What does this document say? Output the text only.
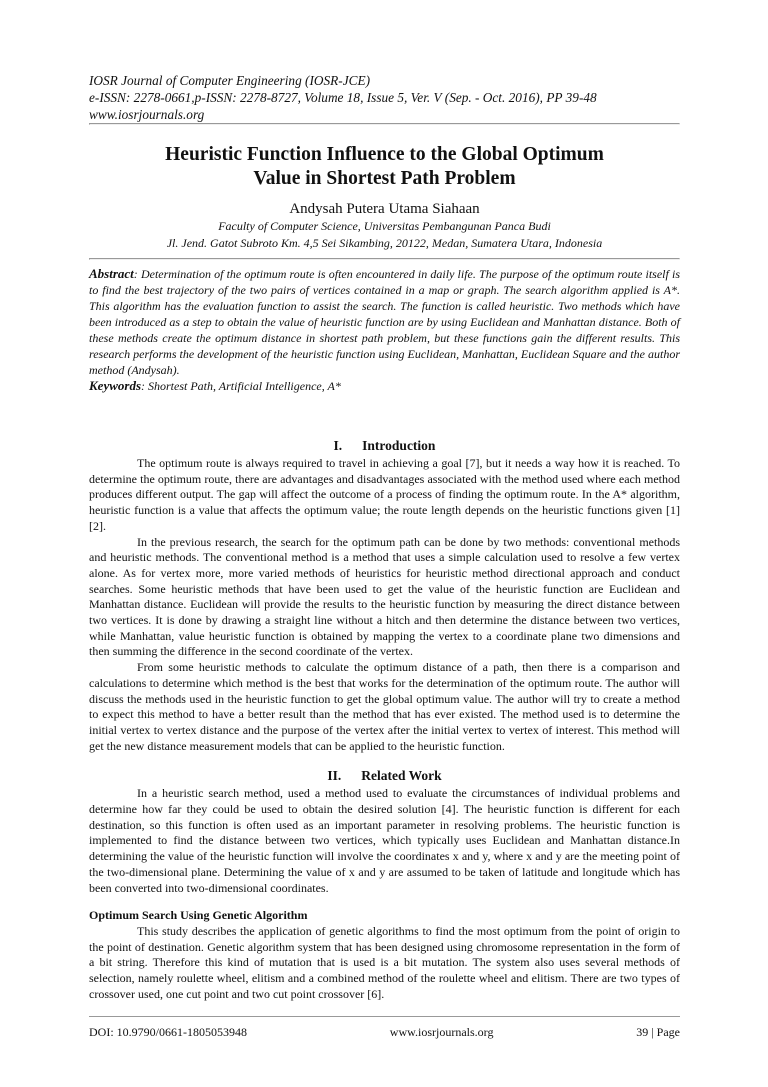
IOSR Journal of Computer Engineering (IOSR-JCE)
e-ISSN: 2278-0661,p-ISSN: 2278-8727, Volume 18, Issue 5, Ver. V (Sep. - Oct. 2016), PP 39-48
www.iosrjournals.org
Heuristic Function Influence to the Global Optimum
Value in Shortest Path Problem
Andysah Putera Utama Siahaan
Faculty of Computer Science, Universitas Pembangunan Panca Budi
Jl. Jend. Gatot Subroto Km. 4,5 Sei Sikambing, 20122, Medan, Sumatera Utara, Indonesia
Abstract: Determination of the optimum route is often encountered in daily life. The purpose of the optimum route itself is to find the best trajectory of the two pairs of vertices contained in a map or graph. The search algorithm applied is A*. This algorithm has the evaluation function to assist the search. The function is called heuristic. Two methods which have been introduced as a step to obtain the value of heuristic function are by using Euclidean and Manhattan distance. Both of these methods create the optimum distance in shortest path problem, but these functions gain the different results. This research performs the development of the heuristic function using Euclidean, Manhattan, Euclidean Square and the author method (Andysah).
Keywords: Shortest Path, Artificial Intelligence, A*
I. Introduction

The optimum route is always required to travel in achieving a goal [7], but it needs a way how it is reached. To determine the optimum route, there are advantages and disadvantages associated with the method used where each method produces different output. The gap will affect the outcome of a process of finding the optimum route. In the A* algorithm, heuristic function is a value that affects the optimum value; the route length depends on the heuristic functions given [1][2].

In the previous research, the search for the optimum path can be done by two methods: conventional methods and heuristic methods. The conventional method is a method that uses a simple calculation used to resolve a few vertex alone. As for vertex more, more varied methods of heuristics for heuristic method directional approach and conduct searches. Some heuristic methods that have been used to get the value of the heuristic function are Euclidean and Manhattan distance. Euclidean will provide the results to the heuristic function by measuring the direct distance between two vertices. It is done by drawing a straight line without a hitch and then determine the distance between two vertices, while Manhattan, value heuristic function is obtained by mapping the vertex to a coordinate plane two dimensions and then summing the difference in the second coordinate of the vertex.

From some heuristic methods to calculate the optimum distance of a path, then there is a comparison and calculations to determine which method is the best that works for the determination of the optimum route. The author will discuss the methods used in the heuristic function to get the global optimum value. The author will try to create a method to expect this method to have a better result than the method that has ever existed. The method used is to determine the initial vertex to vertex distance and the purpose of the vertex after the initial vertex to vertex of interest. This method will get the new distance measurement models that can be applied to the heuristic function.

II. Related Work

In a heuristic search method, used a method used to evaluate the circumstances of individual problems and determine how far they could be used to obtain the desired solution [4]. The heuristic function is different for each destination, so this function is often used as an important parameter in resolving problems. The heuristic function is implemented to find the distance between two vertices, which typically uses Euclidean and Manhattan distance.In determining the value of the heuristic function will involve the coordinates x and y, where x and y are the meeting point of the two-dimensional plane. Determining the value of x and y are assumed to be taken of latitude and longitude which has been converted into two-dimensional coordinates.

Optimum Search Using Genetic Algorithm

This study describes the application of genetic algorithms to find the most optimum from the point of origin to the point of destination. Genetic algorithm system that has been designed using chromosome representation in the form of a bit string. Therefore this kind of mutation that is used is a bit mutation. The system also uses several methods of selection, namely roulette wheel, elitism and a combined method of the roulette wheel and elitism. There are two types of crossover used, one cut point and two cut point crossover [6].

DOI: 10.9790/0661-1805053948	www.iosrjournals.org	39 | Page
